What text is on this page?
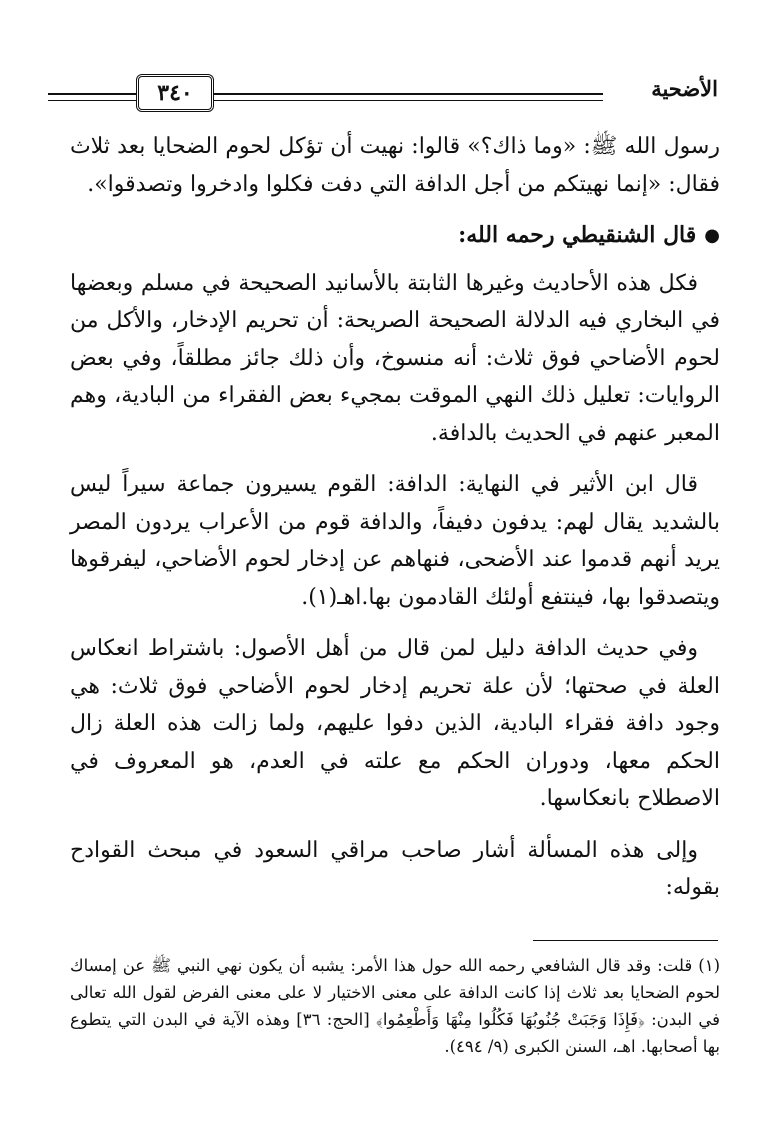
الأضحية
٣٤٠

رسول الله ﷺ: «وما ذاك؟» قالوا: نهيت أن تؤكل لحوم الضحايا بعد ثلاث فقال: «إنما نهيتكم من أجل الدافة التي دفت فكلوا وادخروا وتصدقوا».

●
قال الشنقيطي رحمه الله:

فكل هذه الأحاديث وغيرها الثابتة بالأسانيد الصحيحة في مسلم وبعضها في البخاري فيه الدلالة الصحيحة الصريحة: أن تحريم الإدخار، والأكل من لحوم الأضاحي فوق ثلاث: أنه منسوخ، وأن ذلك جائز مطلقاً، وفي بعض الروايات: تعليل ذلك النهي الموقت بمجيء بعض الفقراء من البادية، وهم المعبر عنهم في الحديث بالدافة.

قال ابن الأثير في النهاية: الدافة: القوم يسيرون جماعة سيراً ليس بالشديد يقال لهم: يدفون دفيفاً، والدافة قوم من الأعراب يردون المصر يريد أنهم قدموا عند الأضحى، فنهاهم عن إدخار لحوم الأضاحي، ليفرقوها ويتصدقوا بها، فينتفع أولئك القادمون بها.اهـ(١).

وفي حديث الدافة دليل لمن قال من أهل الأصول: باشتراط انعكاس العلة في صحتها؛ لأن علة تحريم إدخار لحوم الأضاحي فوق ثلاث: هي وجود دافة فقراء البادية، الذين دفوا عليهم، ولما زالت هذه العلة زال الحكم معها، ودوران الحكم مع علته في العدم، هو المعروف في الاصطلاح بانعكاسها.

وإلى هذه المسألة أشار صاحب مراقي السعود في مبحث القوادح بقوله:

(١) قلت: وقد قال الشافعي رحمه الله حول هذا الأمر: يشبه أن يكون نهي النبي ﷺ عن إمساك لحوم الضحايا بعد ثلاث إذا كانت الدافة على معنى الاختيار لا على معنى الفرض لقول الله تعالى في البدن: ﴿فَإِذَا وَجَبَتْ جُنُوبُهَا فَكُلُوا مِنْهَا وَأَطْعِمُوا﴾ [الحج: ٣٦] وهذه الآية في البدن التي يتطوع بها أصحابها. اهـ، السنن الكبرى (٩/ ٤٩٤).
